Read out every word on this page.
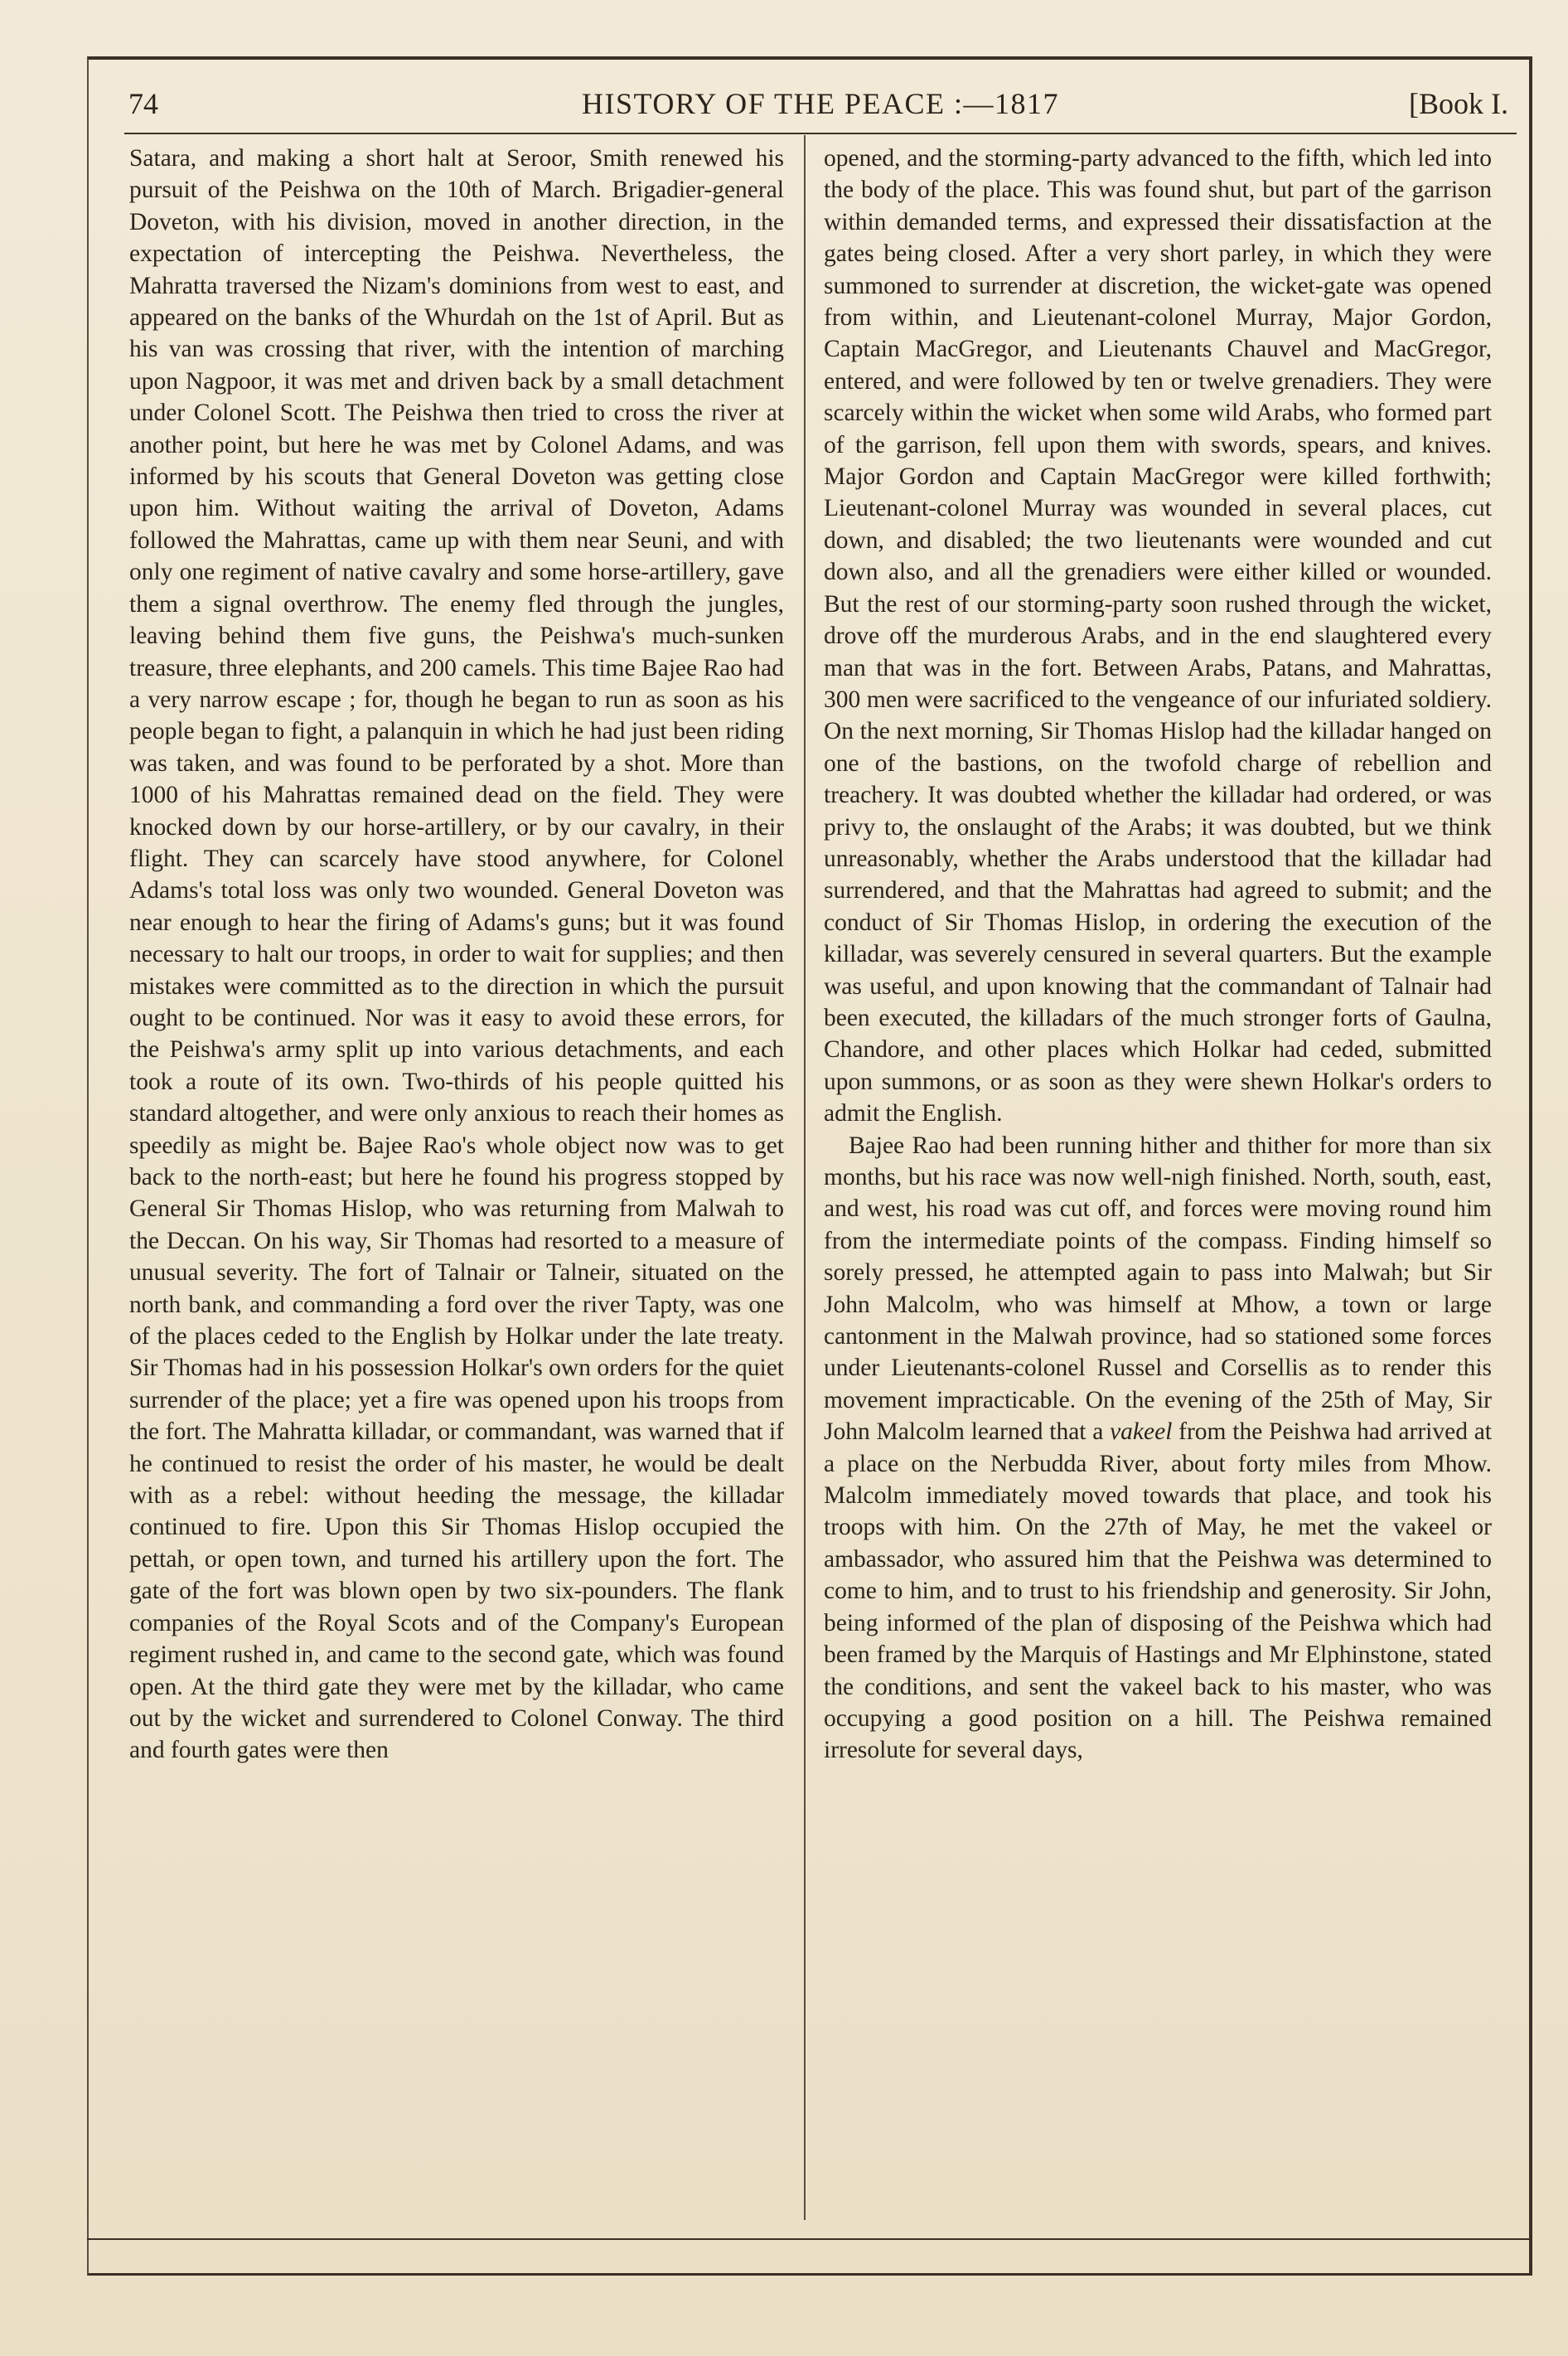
74	HISTORY OF THE PEACE :—1817	[Book I.

Satara, and making a short halt at Seroor, Smith renewed his pursuit of the Peishwa on the 10th of March. Brigadier-general Doveton, with his division, moved in another direction, in the expectation of intercepting the Peishwa. Nevertheless, the Mahratta traversed the Nizam's dominions from west to east, and appeared on the banks of the Whurdah on the 1st of April. But as his van was crossing that river, with the intention of marching upon Nagpoor, it was met and driven back by a small detachment under Colonel Scott. The Peishwa then tried to cross the river at another point, but here he was met by Colonel Adams, and was informed by his scouts that General Doveton was getting close upon him. Without waiting the arrival of Doveton, Adams followed the Mahrattas, came up with them near Seuni, and with only one regiment of native cavalry and some horse-artillery, gave them a signal overthrow. The enemy fled through the jungles, leaving behind them five guns, the Peishwa's much-sunken treasure, three elephants, and 200 camels. This time Bajee Rao had a very narrow escape ; for, though he began to run as soon as his people began to fight, a palanquin in which he had just been riding was taken, and was found to be perforated by a shot. More than 1000 of his Mahrattas remained dead on the field. They were knocked down by our horse-artillery, or by our cavalry, in their flight. They can scarcely have stood anywhere, for Colonel Adams's total loss was only two wounded. General Doveton was near enough to hear the firing of Adams's guns; but it was found necessary to halt our troops, in order to wait for supplies; and then mistakes were committed as to the direction in which the pursuit ought to be continued. Nor was it easy to avoid these errors, for the Peishwa's army split up into various detachments, and each took a route of its own. Two-thirds of his people quitted his standard altogether, and were only anxious to reach their homes as speedily as might be. Bajee Rao's whole object now was to get back to the north-east; but here he found his progress stopped by General Sir Thomas Hislop, who was returning from Malwah to the Deccan. On his way, Sir Thomas had resorted to a measure of unusual severity. The fort of Talnair or Talneir, situated on the north bank, and commanding a ford over the river Tapty, was one of the places ceded to the English by Holkar under the late treaty. Sir Thomas had in his possession Holkar's own orders for the quiet surrender of the place; yet a fire was opened upon his troops from the fort. The Mahratta killadar, or commandant, was warned that if he continued to resist the order of his master, he would be dealt with as a rebel: without heeding the message, the killadar continued to fire. Upon this Sir Thomas Hislop occupied the pettah, or open town, and turned his artillery upon the fort. The gate of the fort was blown open by two six-pounders. The flank companies of the Royal Scots and of the Company's European regiment rushed in, and came to the second gate, which was found open. At the third gate they were met by the killadar, who came out by the wicket and surrendered to Colonel Conway. The third and fourth gates were then

opened, and the storming-party advanced to the fifth, which led into the body of the place. This was found shut, but part of the garrison within demanded terms, and expressed their dissatisfaction at the gates being closed. After a very short parley, in which they were summoned to surrender at discretion, the wicket-gate was opened from within, and Lieutenant-colonel Murray, Major Gordon, Captain MacGregor, and Lieutenants Chauvel and MacGregor, entered, and were followed by ten or twelve grenadiers. They were scarcely within the wicket when some wild Arabs, who formed part of the garrison, fell upon them with swords, spears, and knives. Major Gordon and Captain MacGregor were killed forthwith; Lieutenant-colonel Murray was wounded in several places, cut down, and disabled; the two lieutenants were wounded and cut down also, and all the grenadiers were either killed or wounded. But the rest of our storming-party soon rushed through the wicket, drove off the murderous Arabs, and in the end slaughtered every man that was in the fort. Between Arabs, Patans, and Mahrattas, 300 men were sacrificed to the vengeance of our infuriated soldiery. On the next morning, Sir Thomas Hislop had the killadar hanged on one of the bastions, on the twofold charge of rebellion and treachery. It was doubted whether the killadar had ordered, or was privy to, the onslaught of the Arabs; it was doubted, but we think unreasonably, whether the Arabs understood that the killadar had surrendered, and that the Mahrattas had agreed to submit; and the conduct of Sir Thomas Hislop, in ordering the execution of the killadar, was severely censured in several quarters. But the example was useful, and upon knowing that the commandant of Talnair had been executed, the killadars of the much stronger forts of Gaulna, Chandore, and other places which Holkar had ceded, submitted upon summons, or as soon as they were shewn Holkar's orders to admit the English.

Bajee Rao had been running hither and thither for more than six months, but his race was now well-nigh finished. North, south, east, and west, his road was cut off, and forces were moving round him from the intermediate points of the compass. Finding himself so sorely pressed, he attempted again to pass into Malwah; but Sir John Malcolm, who was himself at Mhow, a town or large cantonment in the Malwah province, had so stationed some forces under Lieutenants-colonel Russel and Corsellis as to render this movement impracticable. On the evening of the 25th of May, Sir John Malcolm learned that a vakeel from the Peishwa had arrived at a place on the Nerbudda River, about forty miles from Mhow. Malcolm immediately moved towards that place, and took his troops with him. On the 27th of May, he met the vakeel or ambassador, who assured him that the Peishwa was determined to come to him, and to trust to his friendship and generosity. Sir John, being informed of the plan of disposing of the Peishwa which had been framed by the Marquis of Hastings and Mr Elphinstone, stated the conditions, and sent the vakeel back to his master, who was occupying a good position on a hill. The Peishwa remained irresolute for several days,
